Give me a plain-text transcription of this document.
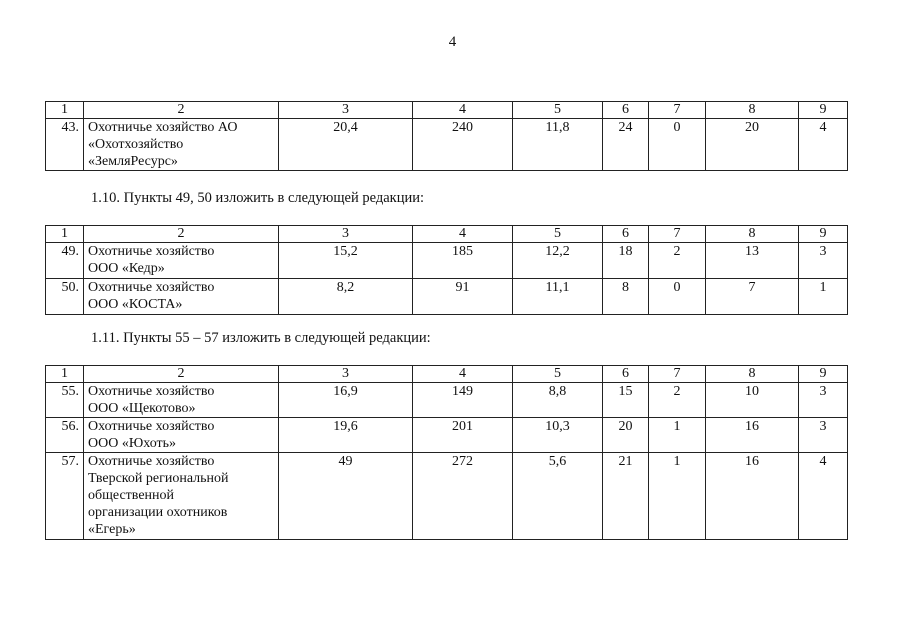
4
1	2	3	4	5	6	7	8	9
43.	Охотничье хозяйство АО
«Охотхозяйство
«ЗемляРесурс»	20,4	240	11,8	24	0	20	4
1.10. Пункты 49, 50 изложить в следующей редакции:
1	2	3	4	5	6	7	8	9
49.	Охотничье хозяйство
ООО «Кедр»	15,2	185	12,2	18	2	13	3
50.	Охотничье хозяйство
ООО «КОСТА»	8,2	91	11,1	8	0	7	1
1.11. Пункты 55 – 57 изложить в следующей редакции:
1	2	3	4	5	6	7	8	9
55.	Охотничье хозяйство
ООО «Щекотово»	16,9	149	8,8	15	2	10	3
56.	Охотничье хозяйство
ООО «Юхоть»	19,6	201	10,3	20	1	16	3
57.	Охотничье хозяйство
Тверской региональной
общественной
организации охотников
«Егерь»	49	272	5,6	21	1	16	4
